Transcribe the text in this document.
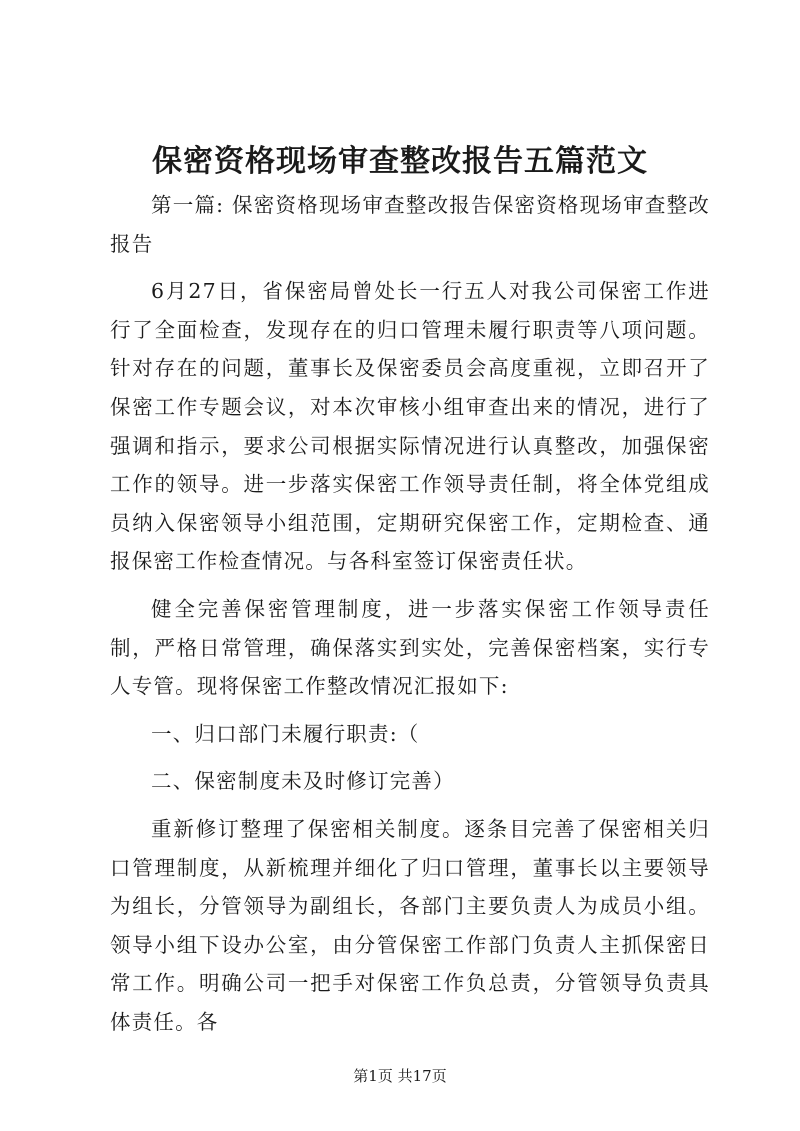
保密资格现场审查整改报告五篇范文

第一篇: 保密资格现场审查整改报告保密资格现场审查整改报告

6月27日，省保密局曾处长一行五人对我公司保密工作进行了全面检查，发现存在的归口管理未履行职责等八项问题。针对存在的问题，董事长及保密委员会高度重视，立即召开了保密工作专题会议，对本次审核小组审查出来的情况，进行了强调和指示，要求公司根据实际情况进行认真整改，加强保密工作的领导。进一步落实保密工作领导责任制，将全体党组成员纳入保密领导小组范围，定期研究保密工作，定期检查、通报保密工作检查情况。与各科室签订保密责任状。

健全完善保密管理制度，进一步落实保密工作领导责任制，严格日常管理，确保落实到实处，完善保密档案，实行专人专管。现将保密工作整改情况汇报如下:

一、归口部门未履行职责:（

二、保密制度未及时修订完善）

重新修订整理了保密相关制度。逐条目完善了保密相关归口管理制度，从新梳理并细化了归口管理，董事长以主要领导为组长，分管领导为副组长，各部门主要负责人为成员小组。领导小组下设办公室，由分管保密工作部门负责人主抓保密日常工作。明确公司一把手对保密工作负总责，分管领导负责具体责任。各

第1页 共17页
